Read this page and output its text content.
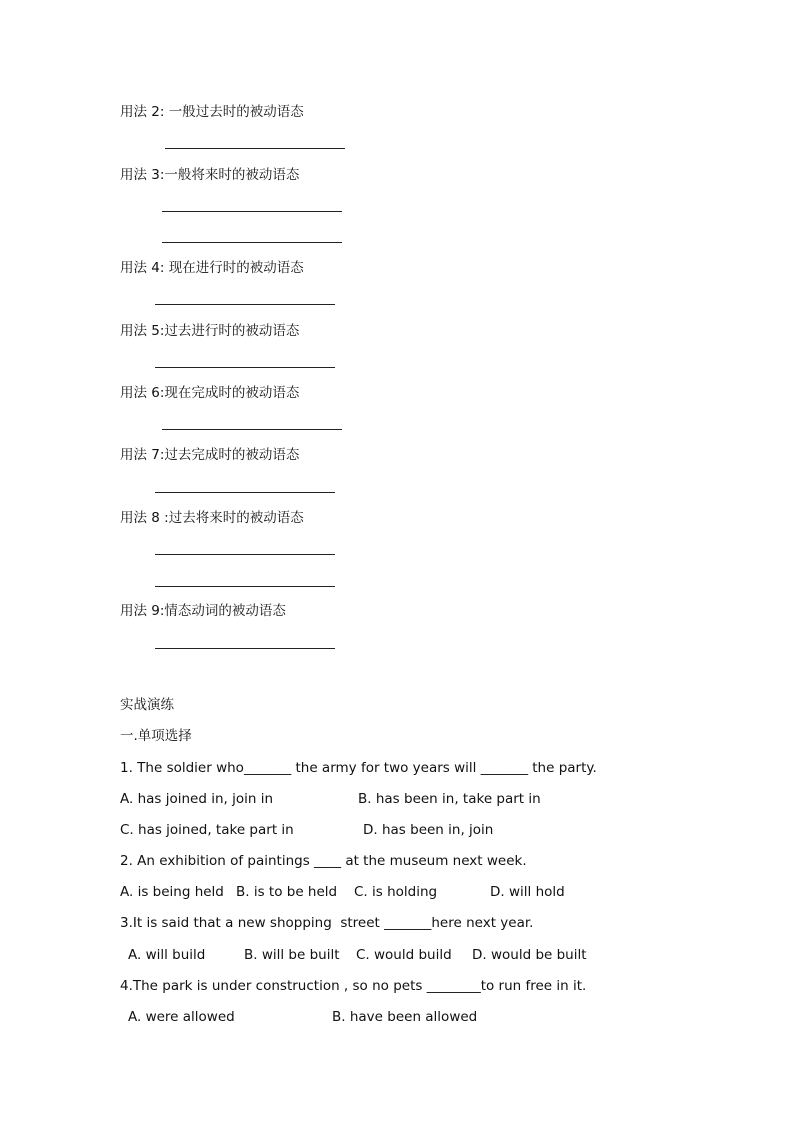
用法 2: 一般过去时的被动语态
用法 3:一般将来时的被动语态
用法 4: 现在进行时的被动语态
用法 5:过去进行时的被动语态
用法 6:现在完成时的被动语态
用法 7:过去完成时的被动语态
用法 8 :过去将来时的被动语态
用法 9:情态动词的被动语态
实战演练
一.单项选择
1. The soldier who_______ the army for two years will _______ the party.
A. has joined in, join in	B. has been in, take part in
C. has joined, take part in	D. has been in, join
2. An exhibition of paintings ____ at the museum next week.
A. is being held B. is to be held C. is holding	D. will hold
3.It is said that a new shopping  street _______here next year.
A. will build	B. will be built C. would build D. would be built
4.The park is under construction , so no pets ________to run free in it.
A. were allowed	B. have been allowed
